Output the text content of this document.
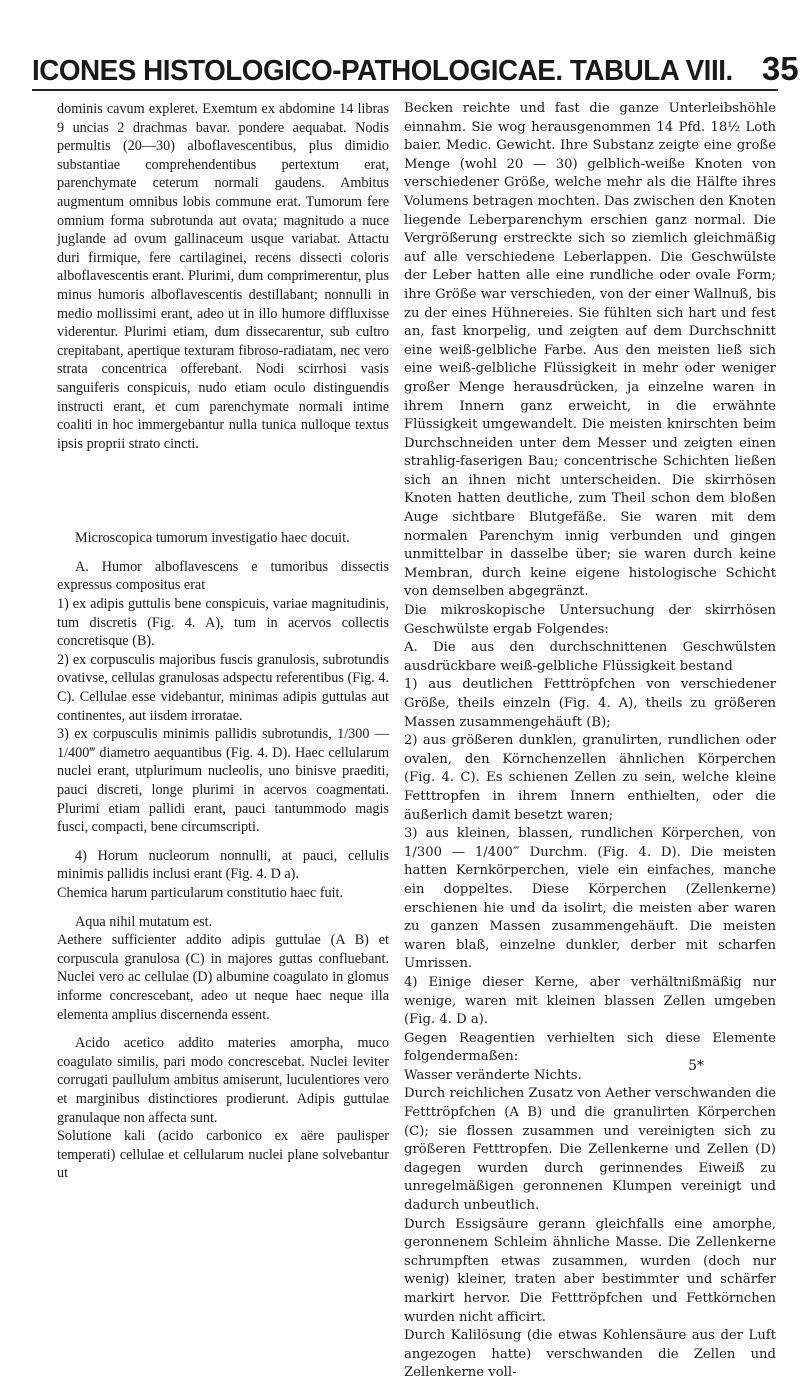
ICONES HISTOLOGICO-PATHOLOGICAE. TABULA VIII. 35

dominis cavum expleret. Exemtum ex abdomine 14 libras 9 uncias 2 drachmas bavar. pondere aequabat. Nodis permultis (20—30) alboflavescentibus, plus dimidio substantiae comprehendentibus pertextum erat, parenchymate ceterum normali gaudens. Ambitus augmentum omnibus lobis commune erat. Tumorum fere omnium forma subrotunda aut ovata; magnitudo a nuce juglande ad ovum gallinaceum usque variabat. Attactu duri firmique, fere cartilaginei, recens dissecti coloris alboflavescentis erant. Plurimi, dum comprimerentur, plus minus humoris alboflavescentis destillabant; nonnulli in medio mollissimi erant, adeo ut in illo humore diffluxisse viderentur. Plurimi etiam, dum dissecarentur, sub cultro crepitabant, apertique texturam fibroso-radiatam, nec vero strata concentrica offerebant. Nodi scirrhosi vasis sanguiferis conspicuis, nudo etiam oculo distinguendis instructi erant, et cum parenchymate normali intime coaliti in hoc immergebantur nulla tunica nulloque textus ipsis proprii strato cincti.

Microscopica tumorum investigatio haec docuit.

A. Humor alboflavescens e tumoribus dissectis expressus compositus erat

1) ex adipis guttulis bene conspicuis, variae magnitudinis, tum discretis (Fig. 4. A), tum in acervos collectis concretisque (B).

2) ex corpusculis majoribus fuscis granulosis, subrotundis ovativse, cellulas granulosas adspectu referentibus (Fig. 4. C). Cellulae esse videbantur, minimas adipis guttulas aut continentes, aut iisdem irroratae.

3) ex corpusculis minimis pallidis subrotundis, 1/300 — 1/400‴ diametro aequantibus (Fig. 4. D). Haec cellularum nuclei erant, utplurimum nucleolis, uno binisve praediti, pauci discreti, longe plurimi in acervos coagmentati. Plurimi etiam pallidi erant, pauci tantummodo magis fusci, compacti, bene circumscripti.

4) Horum nucleorum nonnulli, at pauci, cellulis minimis pallidis inclusi erant (Fig. 4. D a).

Chemica harum particularum constitutio haec fuit.

Aqua nihil mutatum est.

Aethere sufficienter addito adipis guttulae (A B) et corpuscula granulosa (C) in majores guttas confluebant. Nuclei vero ac cellulae (D) albumine coagulato in glomus informe concrescebant, adeo ut neque haec neque illa elementa amplius discernenda essent.

Acido acetico addito materies amorpha, muco coagulato similis, pari modo concrescebat. Nuclei leviter corrugati paullulum ambitus amiserunt, luculentiores vero et marginibus distinctiores prodierunt. Adipis guttulae granulaque non affecta sunt.

Solutione kali (acido carbonico ex aëre paulisper temperati) cellulae et cellularum nuclei plane solvebantur ut

Becken reichte und fast die ganze Unterleibshöhle einnahm. Sie wog herausgenommen 14 Pfd. 18½ Loth baier. Medic. Gewicht. Ihre Substanz zeigte eine große Menge (wohl 20 — 30) gelblich-weiße Knoten von verschiedener Größe, welche mehr als die Hälfte ihres Volumens betragen mochten. Das zwischen den Knoten liegende Leberparenchym erschien ganz normal. Die Vergrößerung erstreckte sich so ziemlich gleichmäßig auf alle verschiedene Leberlappen. Die Geschwülste der Leber hatten alle eine rundliche oder ovale Form; ihre Größe war verschieden, von der einer Wallnuß, bis zu der eines Hühnereies. Sie fühlten sich hart und fest an, fast knorpelig, und zeigten auf dem Durchschnitt eine weiß-gelbliche Farbe. Aus den meisten ließ sich eine weiß-gelbliche Flüssigkeit in mehr oder weniger großer Menge herausdrücken, ja einzelne waren in ihrem Innern ganz erweicht, in die erwähnte Flüssigkeit umgewandelt. Die meisten knirschten beim Durchschneiden unter dem Messer und zeigten einen strahlig-faserigen Bau; concentrische Schichten ließen sich an ihnen nicht unterscheiden. Die skirrhösen Knoten hatten deutliche, zum Theil schon dem bloßen Auge sichtbare Blutgefäße. Sie waren mit dem normalen Parenchym innig verbunden und gingen unmittelbar in dasselbe über; sie waren durch keine Membran, durch keine eigene histologische Schicht von demselben abgegränzt.

Die mikroskopische Untersuchung der skirrhösen Geschwülste ergab Folgendes:

A. Die aus den durchschnittenen Geschwülsten ausdrückbare weiß-gelbliche Flüssigkeit bestand

1) aus deutlichen Fetttröpfchen von verschiedener Größe, theils einzeln (Fig. 4. A), theils zu größeren Massen zusammengehäuft (B);

2) aus größeren dunklen, granulirten, rundlichen oder ovalen, den Körnchenzellen ähnlichen Körperchen (Fig. 4. C). Es schienen Zellen zu sein, welche kleine Fetttropfen in ihrem Innern enthielten, oder die äußerlich damit besetzt waren;

3) aus kleinen, blassen, rundlichen Körperchen, von 1/300 — 1/400‴ Durchm. (Fig. 4. D). Die meisten hatten Kernkörperchen, viele ein einfaches, manche ein doppeltes. Diese Körperchen (Zellenkerne) erschienen hie und da isolirt, die meisten aber waren zu ganzen Massen zusammengehäuft. Die meisten waren blaß, einzelne dunkler, derber mit scharfen Umrissen.

4) Einige dieser Kerne, aber verhältnißmäßig nur wenige, waren mit kleinen blassen Zellen umgeben (Fig. 4. D a).

Gegen Reagentien verhielten sich diese Elemente folgendermaßen:

Wasser veränderte Nichts.

Durch reichlichen Zusatz von Aether verschwanden die Fetttröpfchen (A B) und die granulirten Körperchen (C); sie flossen zusammen und vereinigten sich zu größeren Fetttropfen. Die Zellenkerne und Zellen (D) dagegen wurden durch gerinnendes Eiweiß zu unregelmäßigen geronnenen Klumpen vereinigt und dadurch unbeutlich.

Durch Essigsäure gerann gleichfalls eine amorphe, geronnenem Schleim ähnliche Masse. Die Zellenkerne schrumpften etwas zusammen, wurden (doch nur wenig) kleiner, traten aber bestimmter und schärfer markirt hervor. Die Fetttröpfchen und Fettkörnchen wurden nicht afficirt.

Durch Kalilösung (die etwas Kohlensäure aus der Luft angezogen hatte) verschwanden die Zellen und Zellenkerne voll-

5*
